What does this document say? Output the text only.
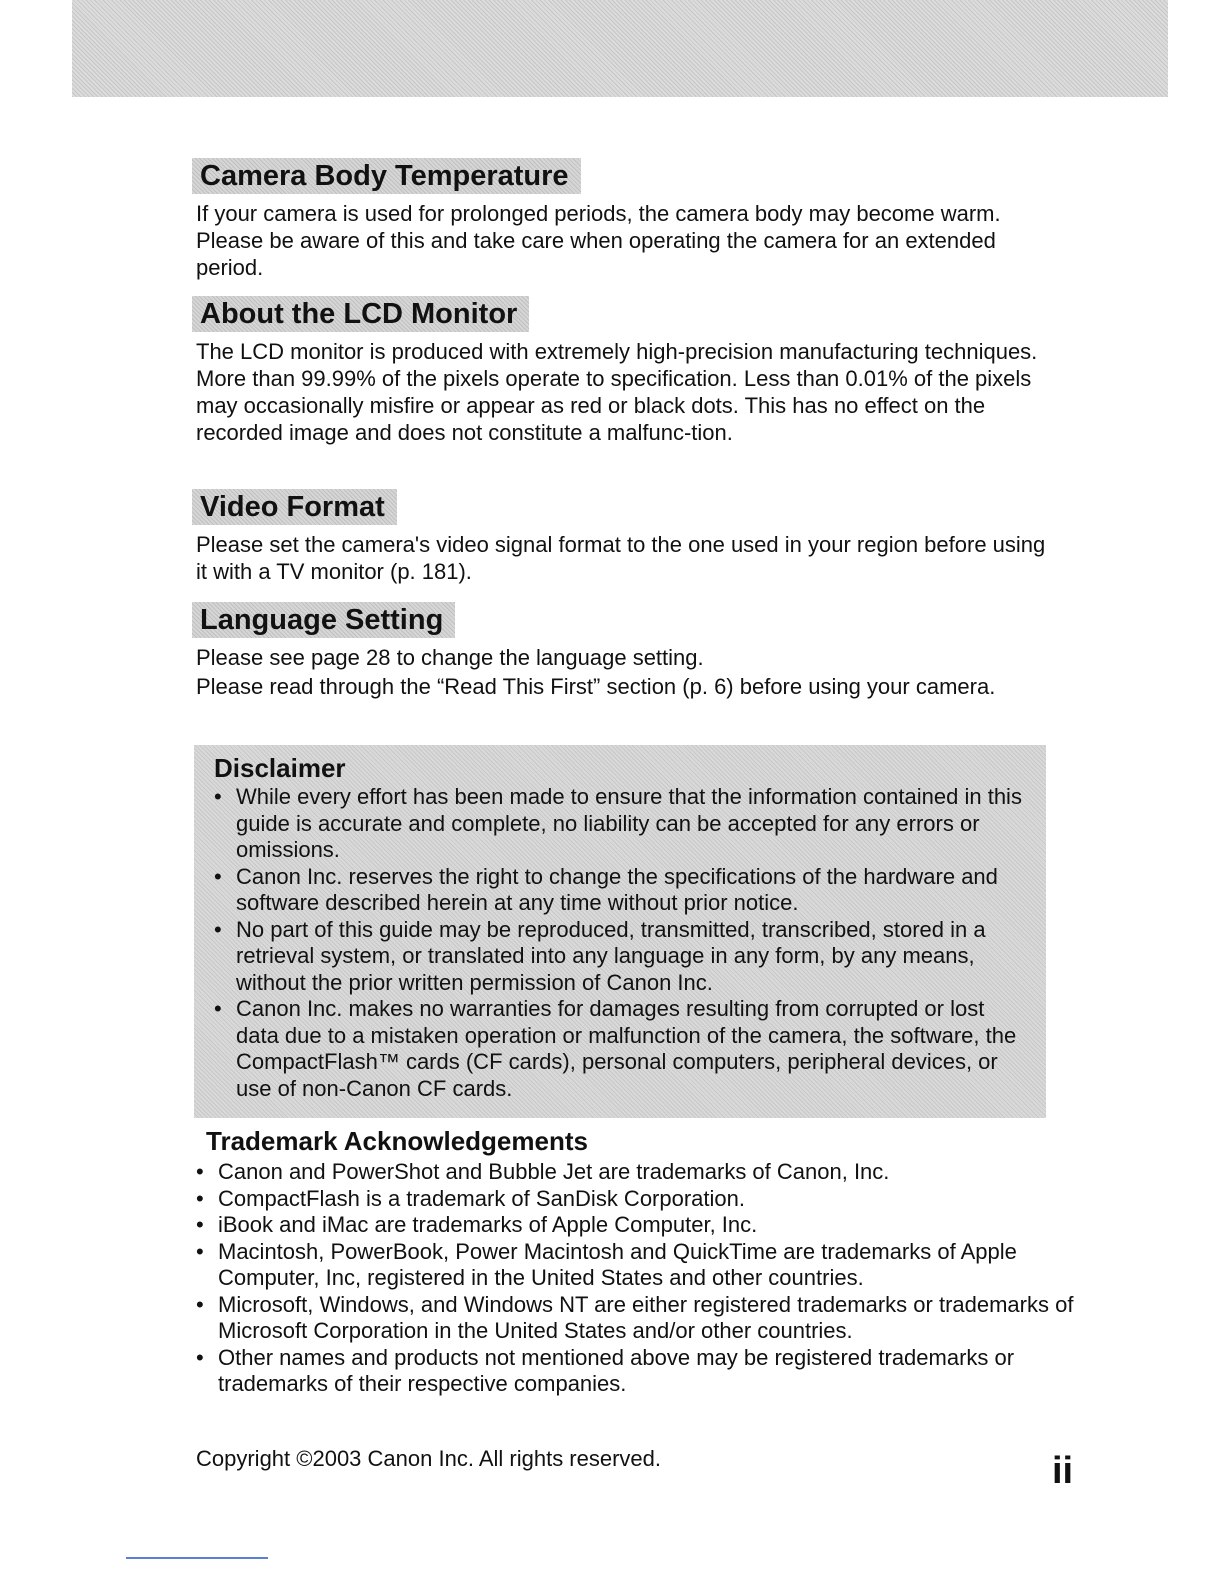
Camera Body Temperature

If your camera is used for prolonged periods, the camera body may become warm. Please be aware of this and take care when operating the camera for an extended period.

About the LCD Monitor

The LCD monitor is produced with extremely high-precision manufacturing techniques. More than 99.99% of the pixels operate to specification. Less than 0.01% of the pixels may occasionally misfire or appear as red or black dots. This has no effect on the recorded image and does not constitute a malfunc-tion.

Video Format

Please set the camera's video signal format to the one used in your region before using it with a TV monitor (p. 181).

Language Setting

Please see page 28 to change the language setting.

Please read through the “Read This First” section (p. 6) before using your camera.

Disclaimer
• While every effort has been made to ensure that the information contained in this guide is accurate and complete, no liability can be accepted for any errors or omissions.
• Canon Inc. reserves the right to change the specifications of the hardware and software described herein at any time without prior notice.
• No part of this guide may be reproduced, transmitted, transcribed, stored in a retrieval system, or translated into any language in any form, by any means, without the prior written permission of Canon Inc.
• Canon Inc. makes no warranties for damages resulting from corrupted or lost data due to a mistaken operation or malfunction of the camera, the software, the CompactFlash™ cards (CF cards), personal computers, peripheral devices, or use of non-Canon CF cards.
Trademark Acknowledgements
• Canon and PowerShot and Bubble Jet are trademarks of Canon, Inc.
• CompactFlash is a trademark of SanDisk Corporation.
• iBook and iMac are trademarks of Apple Computer, Inc.
• Macintosh, PowerBook, Power Macintosh and QuickTime are trademarks of Apple Computer, Inc, registered in the United States and other countries.
• Microsoft, Windows, and Windows NT are either registered trademarks or trademarks of Microsoft Corporation in the United States and/or other countries.
• Other names and products not mentioned above may be registered trademarks or trademarks of their respective companies.
Copyright ©2003 Canon Inc. All rights reserved.	ii
